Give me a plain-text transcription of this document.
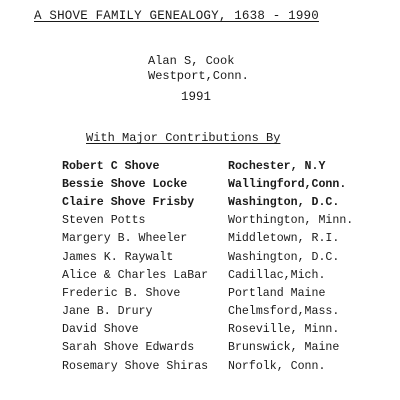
A SHOVE FAMILY GENEALOGY, 1638 - 1990
Alan S, Cook
Westport,Conn.
1991
With Major Contributions By
Robert C Shove	Rochester, N.Y
Bessie Shove Locke	Wallingford,Conn.
Claire Shove Frisby	Washington, D.C.
Steven Potts	Worthington, Minn.
Margery B. Wheeler	Middletown, R.I.
James K. Raywalt	Washington, D.C.
Alice & Charles LaBar	Cadillac,Mich.
Frederic B. Shove	Portland Maine
Jane B. Drury	Chelmsford,Mass.
David Shove	Roseville, Minn.
Sarah Shove Edwards	Brunswick, Maine
Rosemary Shove Shiras	Norfolk, Conn.
